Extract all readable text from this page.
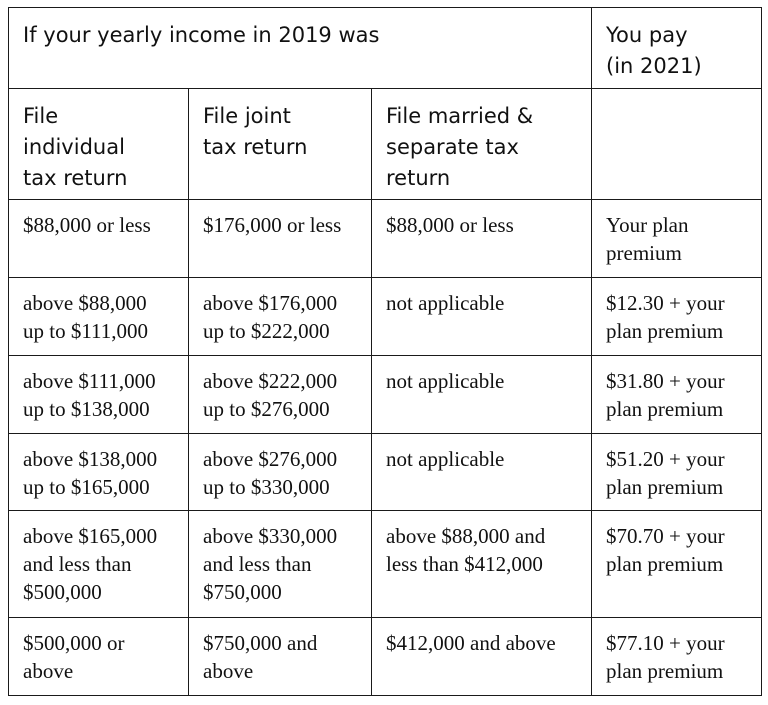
If your yearly income in 2019 was			You pay
(in 2021)

File
individual
tax return	File joint
tax return	File married &
separate tax
return	

$88,000 or less	$176,000 or less	$88,000 or less	Your plan
premium

above $88,000
up to $111,000	above $176,000
up to $222,000	not applicable	$12.30 + your
plan premium

above $111,000
up to $138,000	above $222,000
up to $276,000	not applicable	$31.80 + your
plan premium

above $138,000
up to $165,000	above $276,000
up to $330,000	not applicable	$51.20 + your
plan premium

above $165,000
and less than
$500,000	above $330,000
and less than
$750,000	above $88,000 and
less than $412,000	$70.70 + your
plan premium

$500,000 or
above	$750,000 and
above	$412,000 and above	$77.10 + your
plan premium
